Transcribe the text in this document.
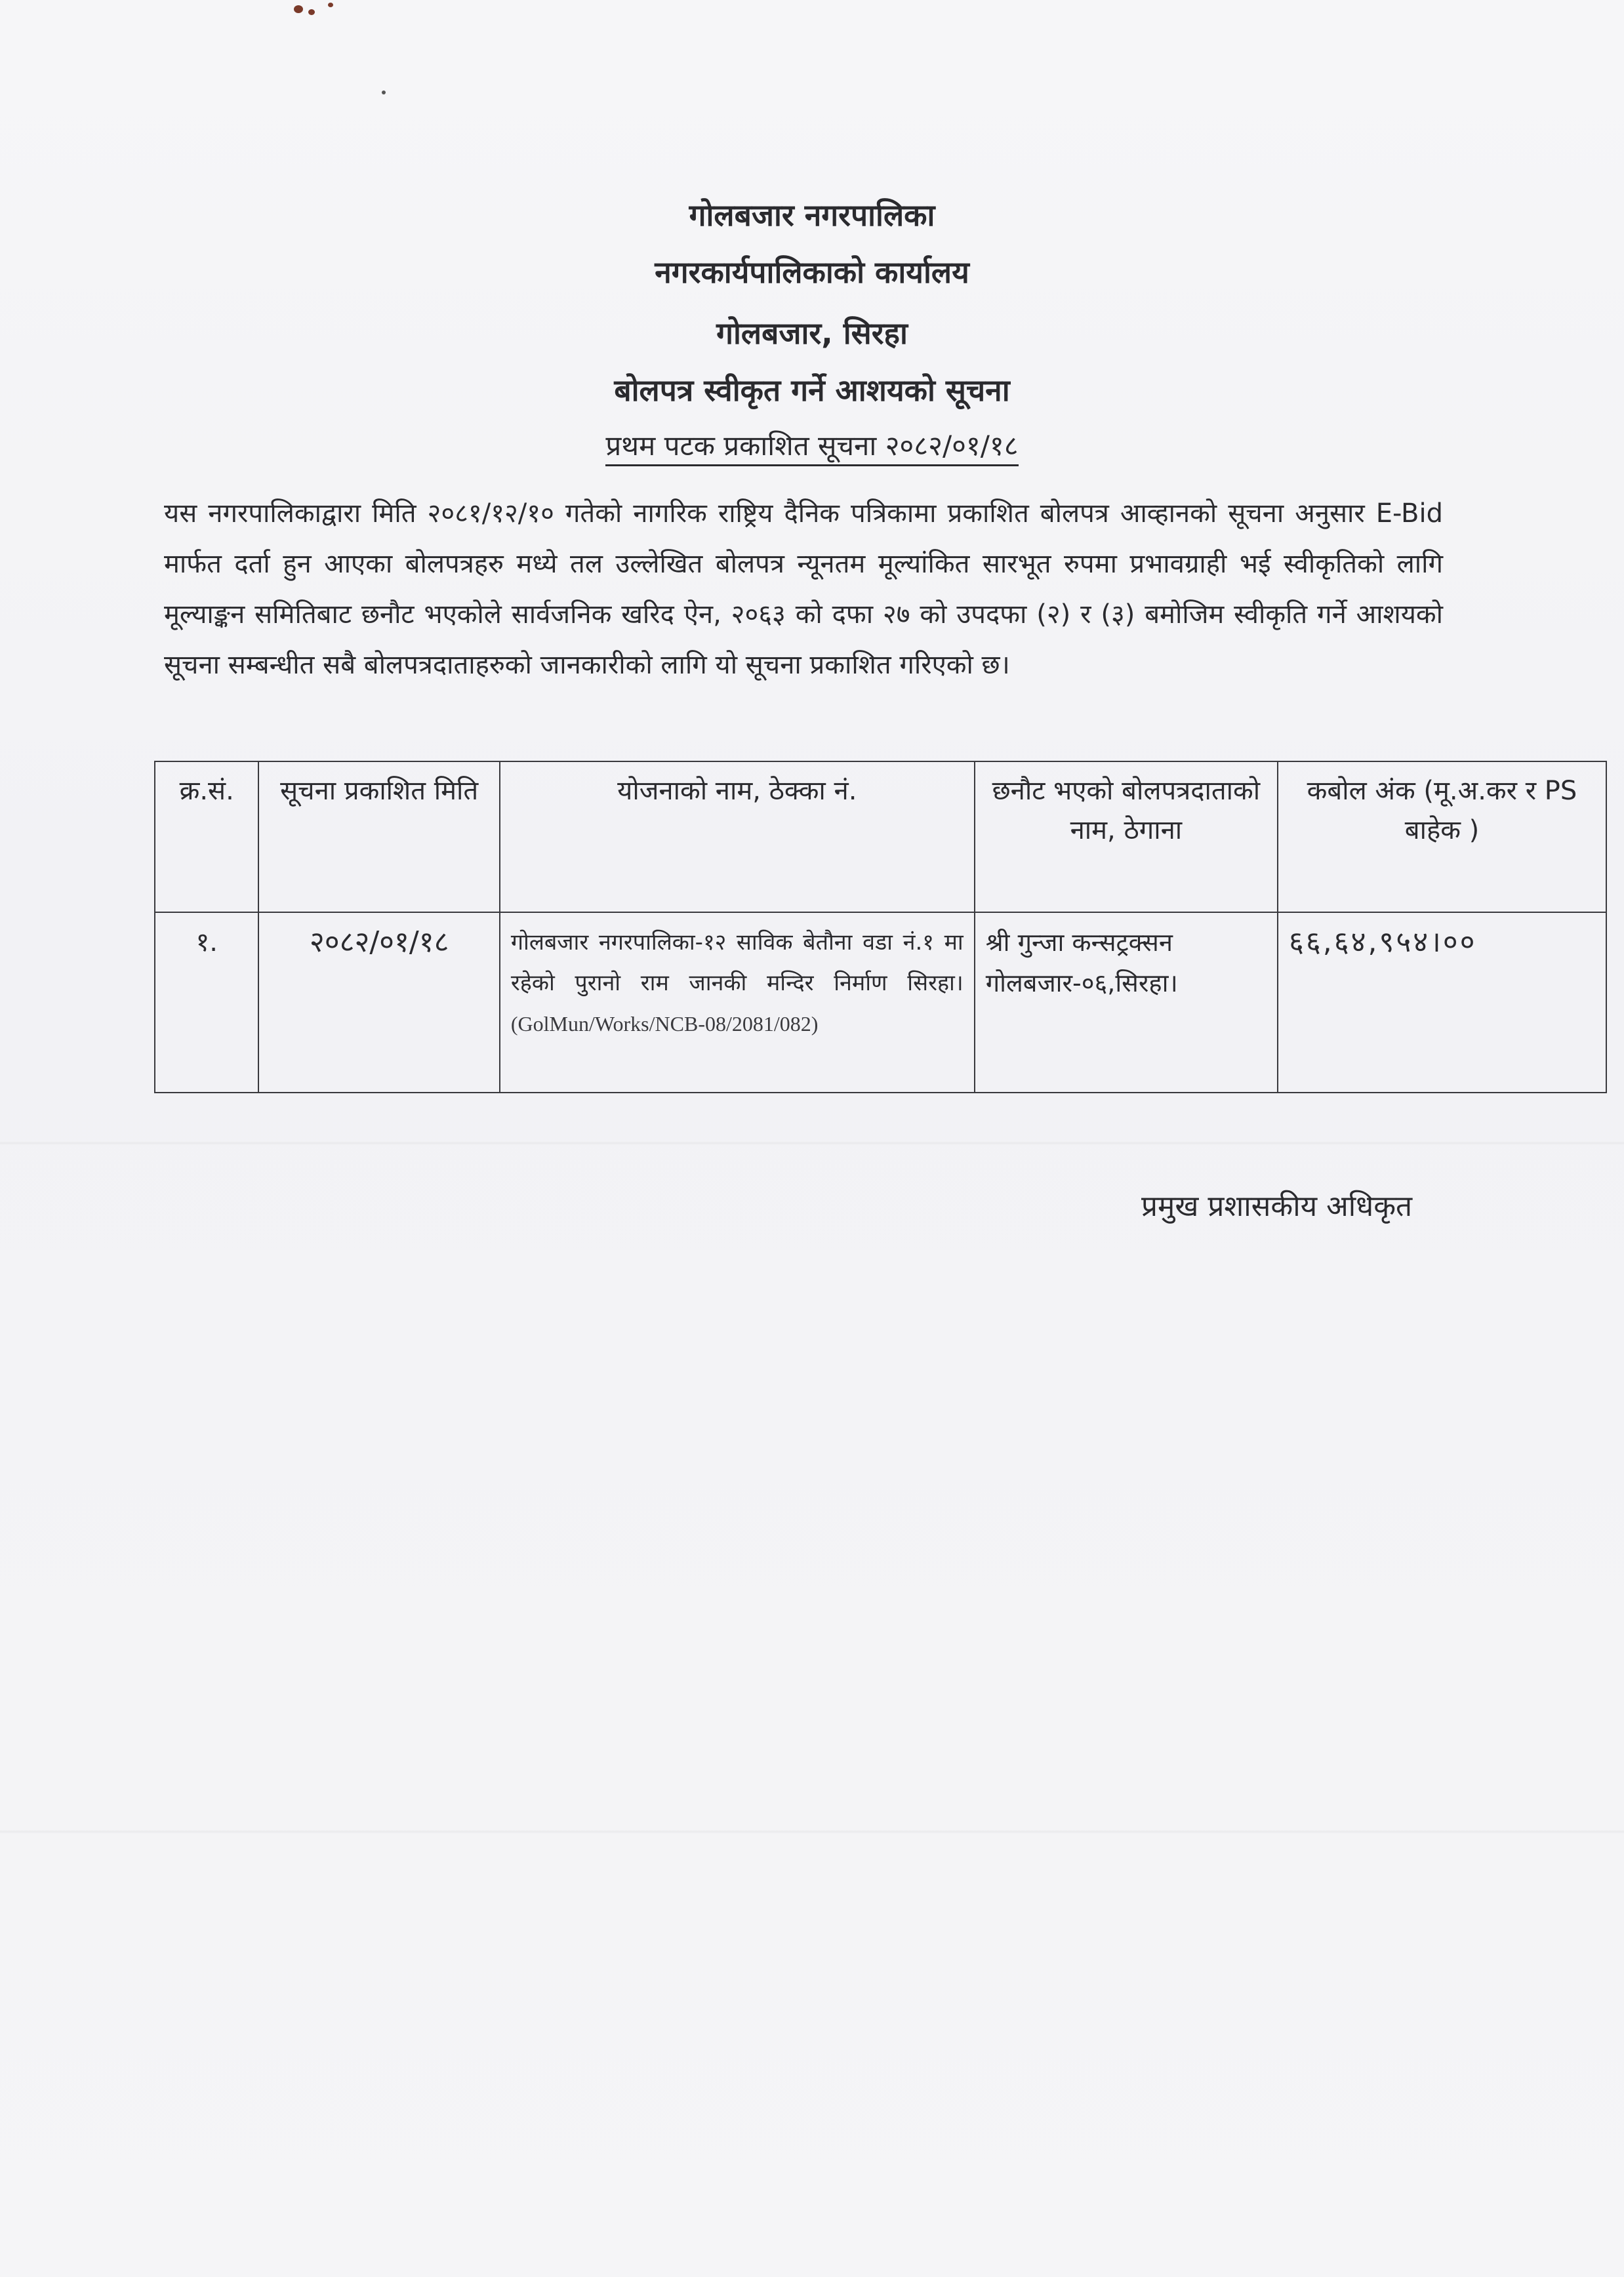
गोलबजार नगरपालिका
नगरकार्यपालिकाको कार्यालय
गोलबजार, सिरहा
बोलपत्र स्वीकृत गर्ने आशयको सूचना
प्रथम पटक प्रकाशित सूचना २०८२/०१/१८
यस नगरपालिकाद्वारा मिति २०८१/१२/१० गतेको नागरिक राष्ट्रिय दैनिक पत्रिकामा प्रकाशित बोलपत्र आव्हानको सूचना अनुसार E-Bid मार्फत दर्ता हुन आएका बोलपत्रहरु मध्ये तल उल्लेखित बोलपत्र न्यूनतम मूल्यांकित सारभूत रुपमा प्रभावग्राही भई स्वीकृतिको लागि मूल्याङ्कन समितिबाट छनौट भएकोले सार्वजनिक खरिद ऐन, २०६३ को दफा २७ को उपदफा (२) र (३) बमोजिम स्वीकृति गर्ने आशयको सूचना सम्बन्धीत सबै बोलपत्रदाताहरुको जानकारीको लागि यो सूचना प्रकाशित गरिएको छ।
क्र.सं.	सूचना प्रकाशित मिति	योजनाको नाम, ठेक्का नं.	छनौट भएको बोलपत्रदाताको नाम, ठेगाना	कबोल अंक (मू.अ.कर र PS बाहेक )
१.	२०८२/०१/१८	गोलबजार नगरपालिका-१२ साविक बेतौना वडा नं.१ मा रहेको पुरानो राम जानकी मन्दिर निर्माण सिरहा। (GolMun/Works/NCB-08/2081/082)	श्री गुन्जा कन्सट्रक्सन गोलबजार-०६,सिरहा।	६६,६४,९५४।००
प्रमुख प्रशासकीय अधिकृत
